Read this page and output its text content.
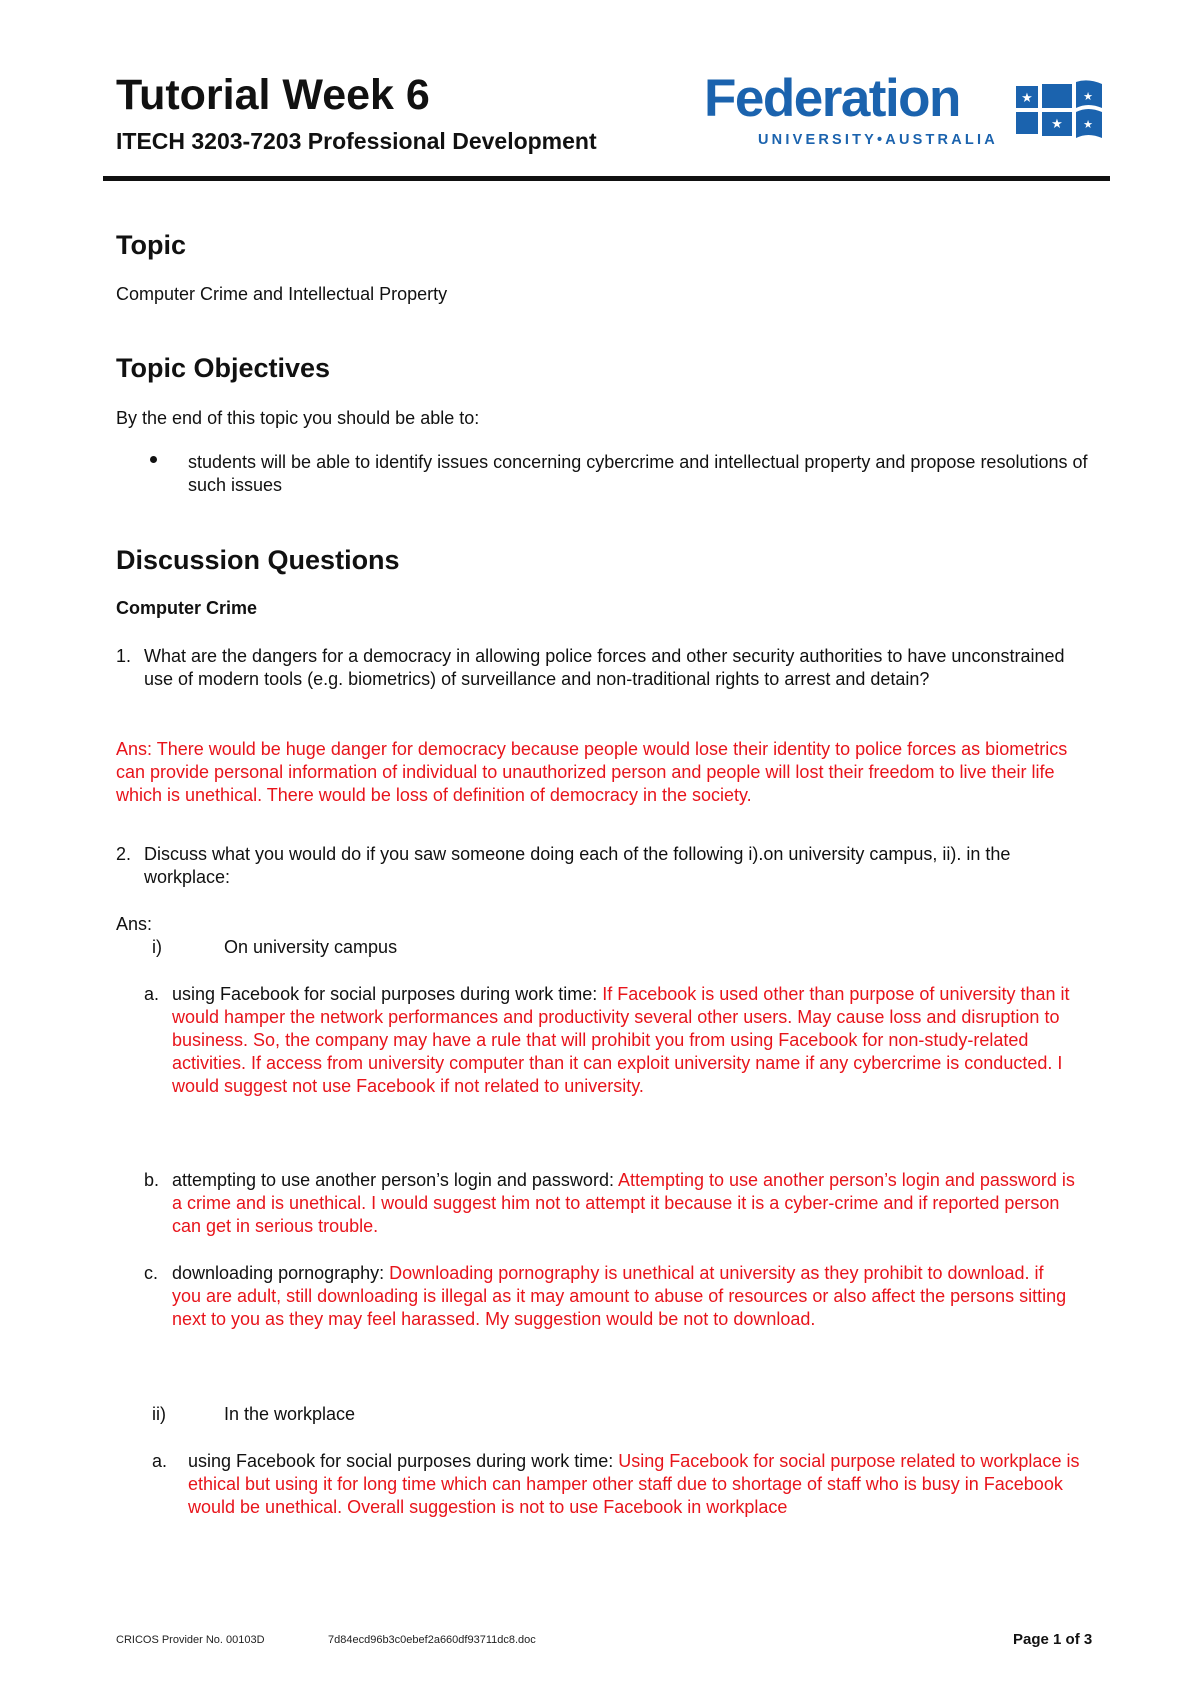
Tutorial Week 6
ITECH 3203-7203 Professional Development
Federation
UNIVERSITY•AUSTRALIA
★
★
★
★
Topic
Computer Crime and Intellectual Property
Topic Objectives
By the end of this topic you should be able to:
students will be able to identify issues concerning cybercrime and intellectual property and propose resolutions of such issues
Discussion Questions
Computer Crime
1. What are the dangers for a democracy in allowing police forces and other security authorities to have unconstrained use of modern tools (e.g. biometrics) of surveillance and non-traditional rights to arrest and detain?
Ans: There would be huge danger for democracy because people would lose their identity to police forces as biometrics can provide personal information of individual to unauthorized person and people will lost their freedom to live their life which is unethical. There would be loss of definition of democracy in the society.
2. Discuss what you would do if you saw someone doing each of the following i).on university campus, ii). in the workplace:
Ans:
i)	On university campus
a. using Facebook for social purposes during work time: If Facebook is used other than purpose of university than it would hamper the network performances and productivity several other users. May cause loss and disruption to business. So, the company may have a rule that will prohibit you from using Facebook for non-study-related activities. If access from university computer than it can exploit university name if any cybercrime is conducted. I would suggest not use Facebook if not related to university.
b. attempting to use another person’s login and password: Attempting to use another person’s login and password is a crime and is unethical. I would suggest him not to attempt it because it is a cyber-crime and if reported person can get in serious trouble.
c. downloading pornography: Downloading pornography is unethical at university as they prohibit to download. if you are adult, still downloading is illegal as it may amount to abuse of resources or also affect the persons sitting next to you as they may feel harassed. My suggestion would be not to download.
ii)	In the workplace
a. using Facebook for social purposes during work time: Using Facebook for social purpose related to workplace is ethical but using it for long time which can hamper other staff due to shortage of staff who is busy in Facebook would be unethical. Overall suggestion is not to use Facebook in workplace
CRICOS Provider No. 00103D	7d84ecd96b3c0ebef2a660df93711dc8.doc	Page 1 of 3
